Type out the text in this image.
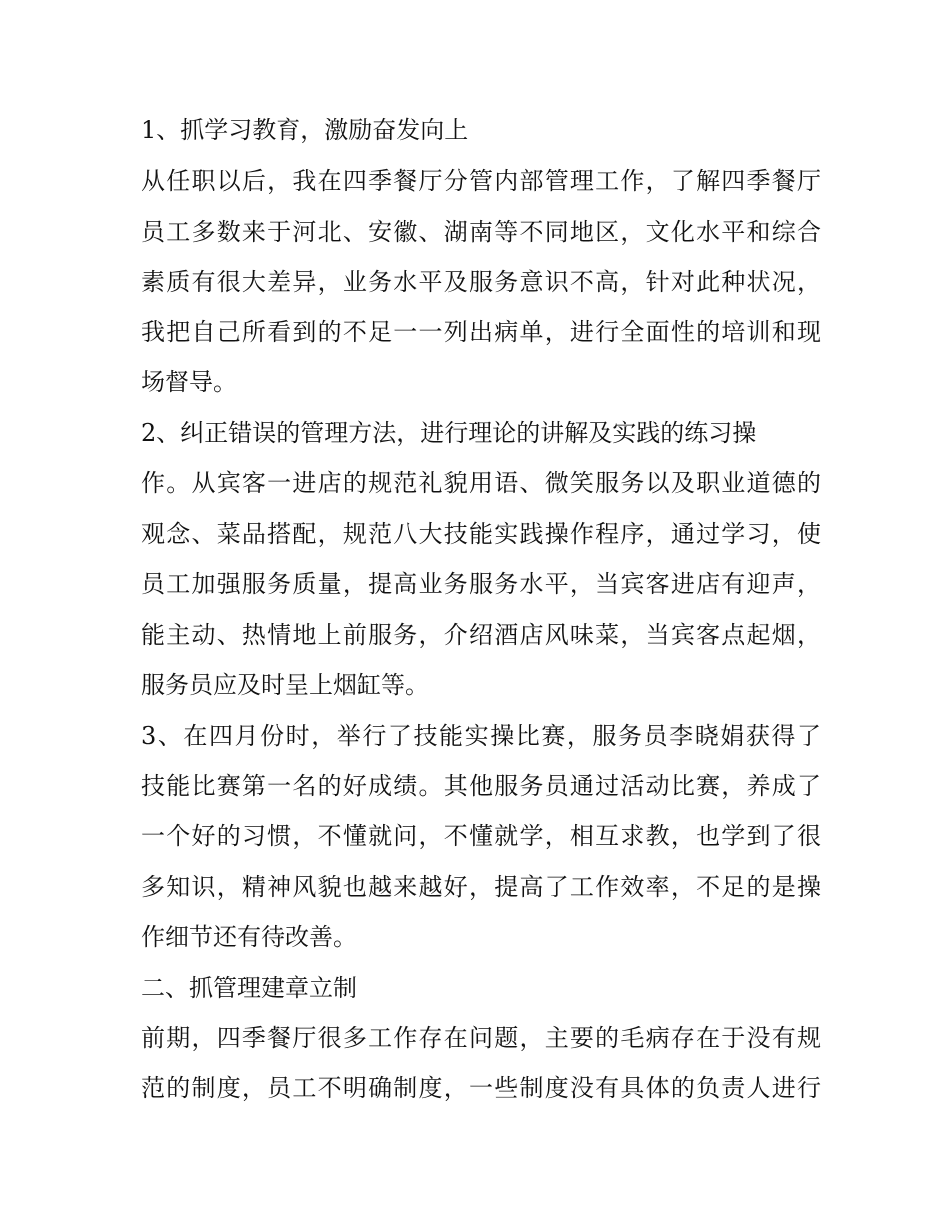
1、抓学习教育，激励奋发向上
从任职以后，我在四季餐厅分管内部管理工作，了解四季餐厅
员工多数来于河北、安徽、湖南等不同地区，文化水平和综合
素质有很大差异，业务水平及服务意识不高，针对此种状况，
我把自己所看到的不足一一列出病单，进行全面性的培训和现
场督导。
2、纠正错误的管理方法，进行理论的讲解及实践的练习操
作。从宾客一进店的规范礼貌用语、微笑服务以及职业道德的
观念、菜品搭配，规范八大技能实践操作程序，通过学习，使
员工加强服务质量，提高业务服务水平，当宾客进店有迎声，
能主动、热情地上前服务，介绍酒店风味菜，当宾客点起烟，
服务员应及时呈上烟缸等。
3、在四月份时，举行了技能实操比赛，服务员李晓娟获得了
技能比赛第一名的好成绩。其他服务员通过活动比赛，养成了
一个好的习惯，不懂就问，不懂就学，相互求教，也学到了很
多知识，精神风貌也越来越好，提高了工作效率，不足的是操
作细节还有待改善。
二、抓管理建章立制
前期，四季餐厅很多工作存在问题，主要的毛病存在于没有规
范的制度，员工不明确制度，一些制度没有具体的负责人进行
